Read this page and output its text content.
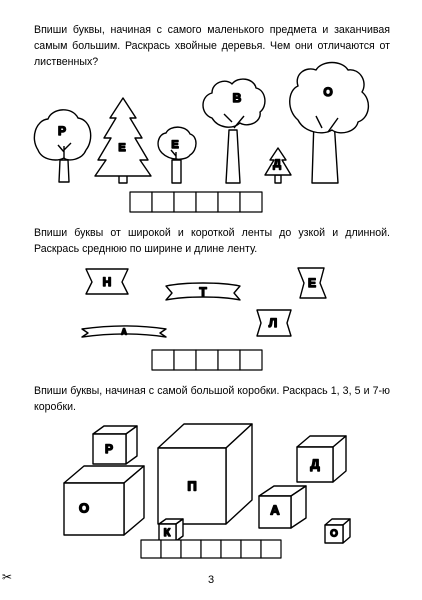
Впиши буквы, начиная с самого маленького предмета и заканчивая самым большим. Раскрась хвойные деревья. Чем они отличаются от лиственных?

Впиши буквы от широкой и короткой ленты до узкой и длинной. Раскрась среднюю по ширине и длине ленту.

Впиши буквы, начиная с самой большой коробки. Раскрась 1, 3, 5 и 7-ю коробки.

Р
Е	Е
В
Д
О
Н
Т
Е
Л
А
Р
П
Д
О	А
К	О
✂	3
